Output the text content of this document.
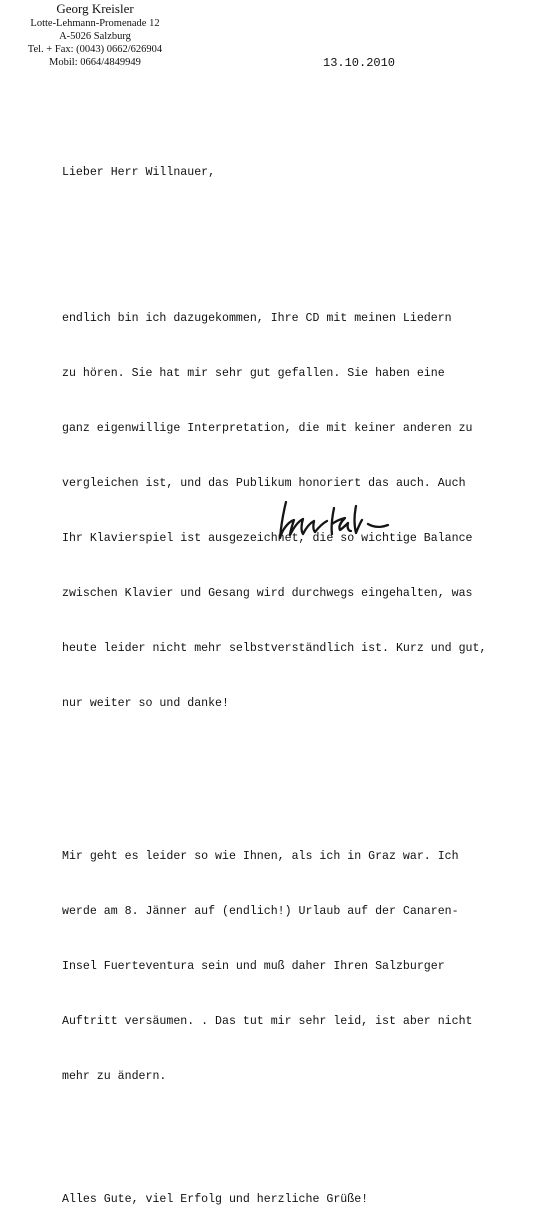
Georg Kreisler
Lotte-Lehmann-Promenade 12
A-5026 Salzburg
Tel. + Fax: (0043) 0662/626904
Mobil: 0664/4849949	13.10.2010

Lieber Herr Willnauer,

endlich bin ich dazugekommen, Ihre CD mit meinen Liedern

zu hören. Sie hat mir sehr gut gefallen. Sie haben eine

ganz eigenwillige Interpretation, die mit keiner anderen zu

vergleichen ist, und das Publikum honoriert das auch. Auch

Ihr Klavierspiel ist ausgezeichnet, die so wichtige Balance

zwischen Klavier und Gesang wird durchwegs eingehalten, was

heute leider nicht mehr selbstverständlich ist. Kurz und gut,

nur weiter so und danke!

Mir geht es leider so wie Ihnen, als ich in Graz war. Ich

werde am 8. Jänner auf (endlich!) Urlaub auf der Canaren-

Insel Fuerteventura sein und muß daher Ihren Salzburger

Auftritt versäumen. . Das tut mir sehr leid, ist aber nicht

mehr zu ändern.

Alles Gute, viel Erfolg und herzliche Grüße!
